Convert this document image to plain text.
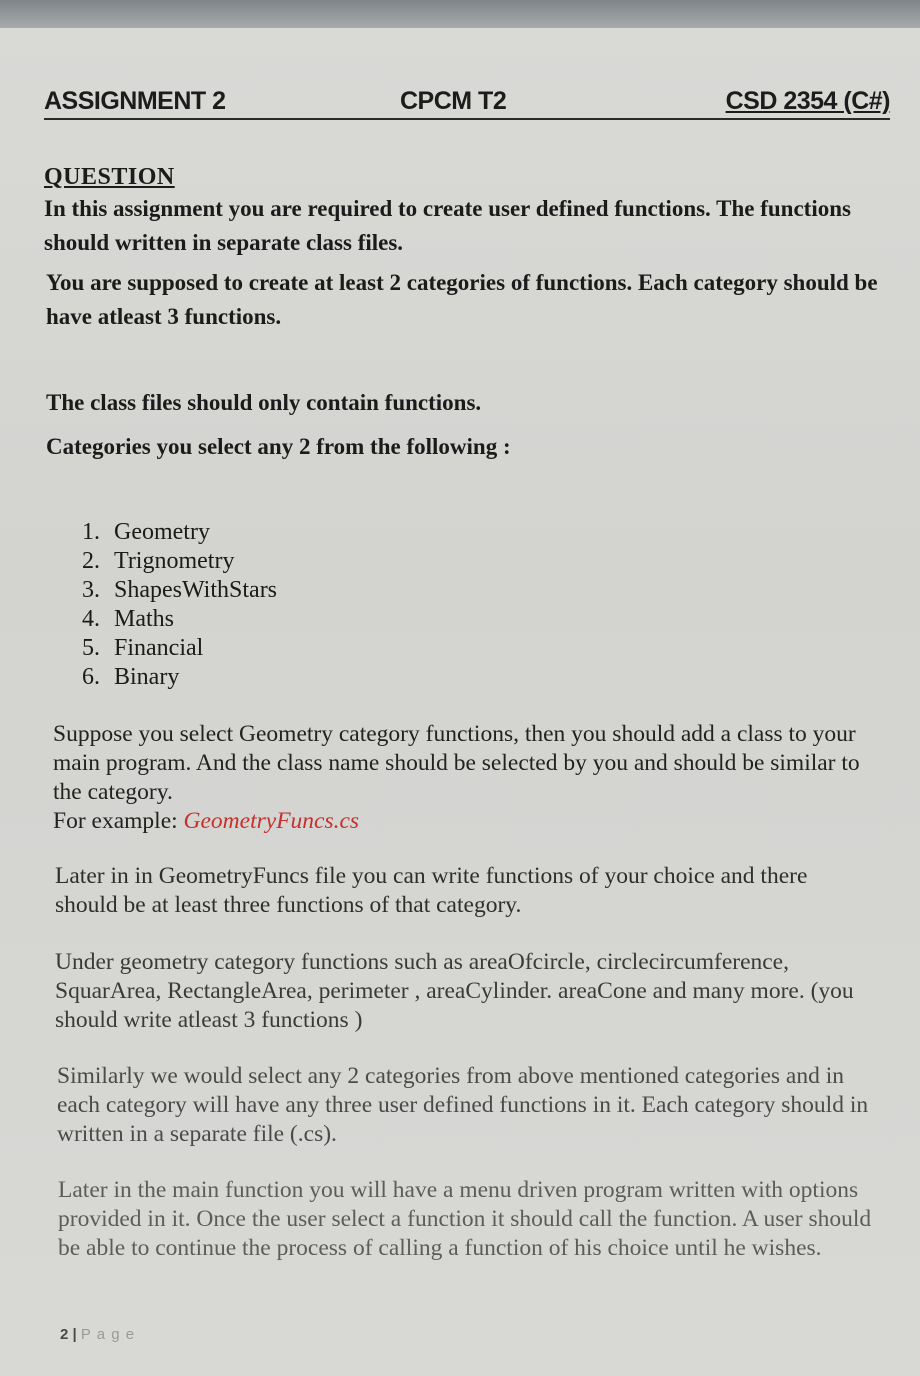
ASSIGNMENT 2	CPCM T2	CSD 2354 (C#)
QUESTION

In this assignment you are required to create user defined functions. The functions should written in separate class files.

You are supposed to create at least 2 categories of functions. Each category should be have atleast 3 functions.

The class files should only contain functions.

Categories you select any 2 from the following :

1. Geometry
2. Trignometry
3. ShapesWithStars
4. Maths
5. Financial
6. Binary

Suppose you select Geometry category functions, then you should add a class to your main program. And the class name should be selected by you and should be similar to the category.

For example: GeometryFuncs.cs

Later in in GeometryFuncs file you can write functions of your choice and there should be at least three functions of that category.

Under geometry category functions such as areaOfcircle, circlecircumference, SquarArea, RectangleArea, perimeter , areaCylinder. areaCone and many more. (you should write atleast 3 functions )

Similarly we would select any 2 categories from above mentioned categories and in each category will have any three user defined functions in it. Each category should in written in a separate file (.cs).

Later in the main function you will have a menu driven program written with options provided in it. Once the user select a function it should call the function. A user should be able to continue the process of calling a function of his choice until he wishes.

2 | P a g e
